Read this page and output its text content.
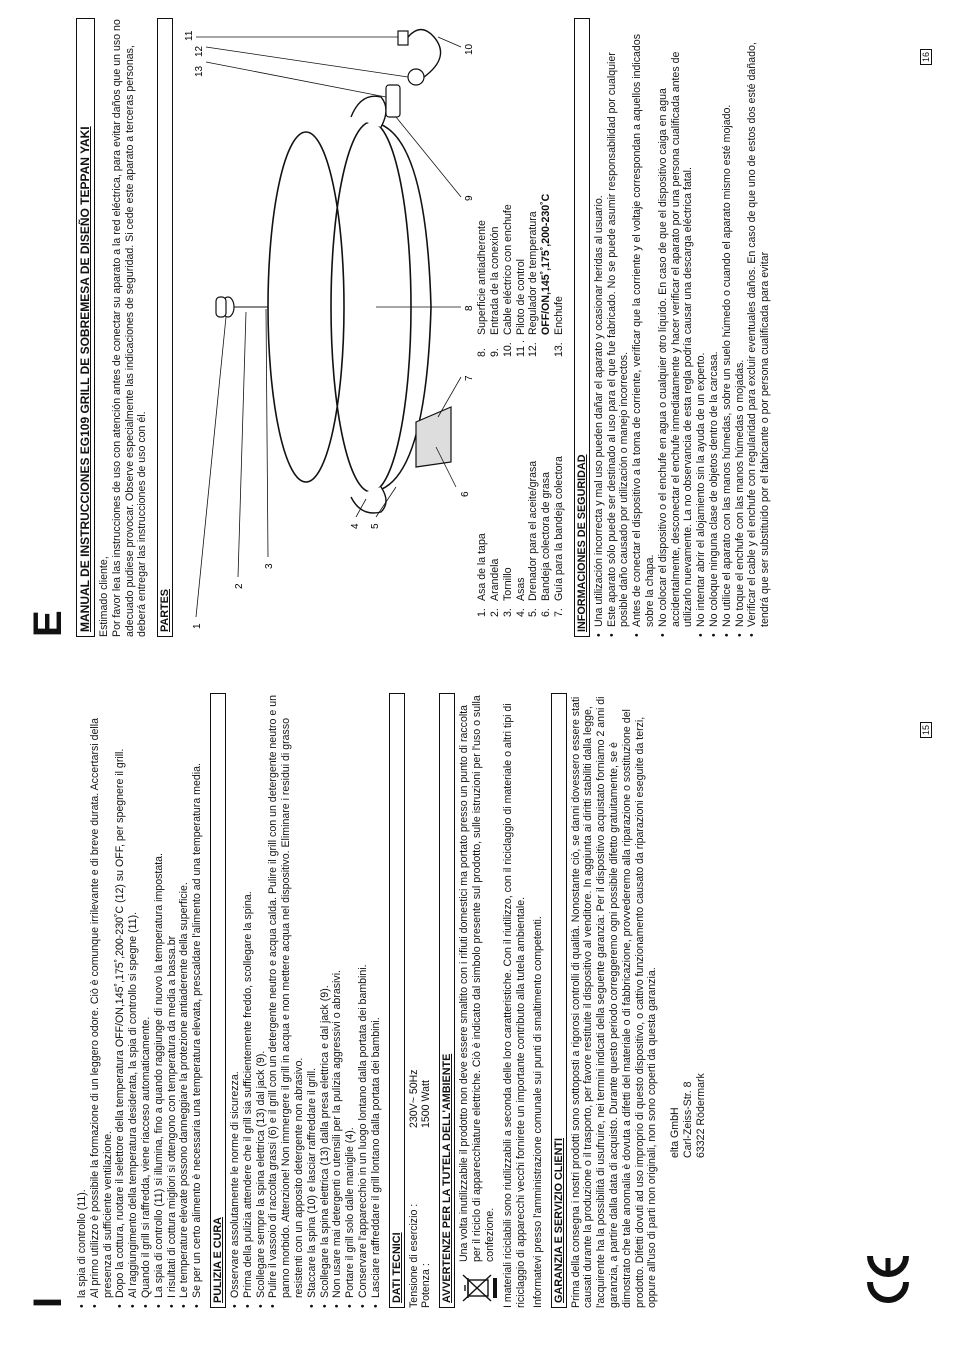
I

• la spia di controllo (11). • Al primo utilizzo è possibile la formazione di un leggero odore. Ciò è comunque irrilevante e di breve durata. Accertarsi della presenza di sufficiente ventilazione. • Dopo la cottura, ruotare il selettore della temperatura OFF/ON,145˚,175˚,200-230˚C (12) su OFF, per spegnere il grill. • Al raggiungimento della temperatura desiderata, la spia di controllo si spegne (11). • Quando il grill si raffredda, viene riacceso automaticamente. • La spia di controllo (11) si illumina, fino a quando raggiunge di nuovo la temperatura impostata. • I risultati di cottura migliori si ottengono con temperatura da media a bassa.br • Le temperature elevate possono danneggiare la protezione antiaderente della superficie. • Se per un certo alimento è necessaria una temperatura elevata, prescaldare l'alimento ad una temperatura media. PULIZIA E CURA • Osservare assolutamente le norme di sicurezza. • Prima della pulizia attendere che il grill sia sufficientemente freddo, scollegare la spina. • Scollegare sempre la spina elettrica (13) dal jack (9). • Pulire il vassoio di raccolta grassi (6) e il grill con un detergente neutro e acqua calda. Pulire il grill con un detergente neutro e un panno morbido. Attenzione! Non immergere il grill in acqua e non mettere acqua nel dispositivo. Eliminare i residui di grasso resistenti con un apposito detergente non abrasivo. • Staccare la spina (10) e lasciar raffreddare il grill. • Scollegare la spina elettrica (13) dalla presa elettrica e dal jack (9). • Non usare mai detergenti o utensili per la pulizia aggressivi o abrasivi. • Portare il grill solo dalle maniglie (4). • Conservare l'apparecchio in un luogo lontano dalla portata dei bambini. • Lasciare raffreddare il grill lontano dalla portata dei bambini. DATI TECNICI Tensione di esercizio :
230V~ 50Hz
Potenza :
1500 Watt AVVERTENZE PER LA TUTELA DELL'AMBIENTE Una volta inutilizzabile il prodotto non deve essere smaltito con i rifiuti domestici ma portato presso un punto di raccolta per il riciclo di apparecchiature elettriche. Ciò è indicato dal simbolo presente sul prodotto, sulle istruzioni per l'uso o sulla confezione. I materiali riciclabili sono riutilizzabili a seconda delle loro caratteristiche. Con il riutilizzo, con il riciclaggio di materiale o altri tipi di riciclaggio di apparecchi vecchi fornirete un importante contributo alla tutela ambientale. Informatevi presso l'amministrazione comunale sui punti di smaltimento competenti. GARANZIA E SERVIZIO CLIENTI Prima della consegna i nostri prodotti sono sottoposti a rigorosi controlli di qualità. Nonostante ciò, se danni dovessero essere stati causati durante la produzione o il trasporto, per favore restituite il dispositivo al venditore. In aggiunta ai diritti stabiliti dalla legge, l'acquirente ha la possibilità di usufruire, nei termini indicati della seguente garanzia: Per il dispositivo acquistato forniamo 2 anni di garanzia, a partire dalla data di acquisto. Durante questo periodo correggeremo ogni possibile difetto gratuitamente, se è dimostrato che tale anomalia è dovuta a difetti del materiale o di fabbricazione, provvederemo alla riparazione o sostituzione del prodotto. Difetti dovuti ad uso improprio di questo dispositivo, o cattivo funzionamento causato da riparazioni eseguite da terzi, oppure all'uso di parti non originali, non sono coperti da questa garanzia. elta GmbH Carl-Zeiss-Str. 8 63322 Rödermark
15
E MANUAL DE INSTRUCCIONES EG109 GRILL DE SOBREMESA DE DISEÑO TEPPAN YAKI Estimado cliente, Por favor lea las instrucciones de uso con atención antes de conectar su aparato a la red eléctrica, para evitar daños que un uso no adecuado pudiese provocar. Observe especialmente las indicaciones de seguridad. Si cede este aparato a terceras personas, deberá entregar las instrucciones de uso con él. PARTES 1
2
3
4 5
6
7
8
9
10
11
12
13
1.
Asa de la tapa
2.
Arandela
3.
Tornillo
4.
Asas
5.
Drenador para el aceite/grasa
6.
Bandeja colectora de grasa
7.
Guía para la bandeja colectora
8.
Superficie antiadherente
9.
Entrada de la conexión
10.
Cable eléctrico con enchufe
11 .
Piloto de control
12.
Regulador de temperatura OFF/ON,145˚,175˚,200-230˚C
13.
Enchufe
INFORMACIONES DE SEGURIDAD • Una utilización incorrecta y mal uso pueden dañar el aparato y ocasionar heridas al usuario. • Este aparato sólo puede ser destinado al uso para el que fue fabricado. No se puede asumir responsabilidad por cualquier posible daño causado por utilización o manejo incorrectos. • Antes de conectar el dispositivo a la toma de corriente, verificar que la corriente y el voltaje correspondan a aquellos indicados sobre la chapa. • No colocar el dispositivo o el enchufe en agua o cualquier otro líquido. En caso de que el dispositivo caiga en agua accidentalmente, desconectar el enchufe inmediatamente y hacer verificar el aparato por una persona cualificada antes de utilizarlo nuevamente. La no observancia de esta regla podría causar una descarga eléctrica fatal. • No intentar abrir el alojamiento sin la ayuda de un experto. • No coloque ninguna clase de objetos dentro de la carcasa. • No utilice el aparato con las manos húmedas, sobre un suelo húmedo o cuando el aparato mismo esté mojado. • No toque el enchufe con las manos húmedas o mojadas. • Verificar el cable y el enchufe con regularidad para excluir eventuales daños. En caso de que uno de estos dos esté dañado, tendrá que ser substituido por el fabricante o por persona cualificada para evitar

16
